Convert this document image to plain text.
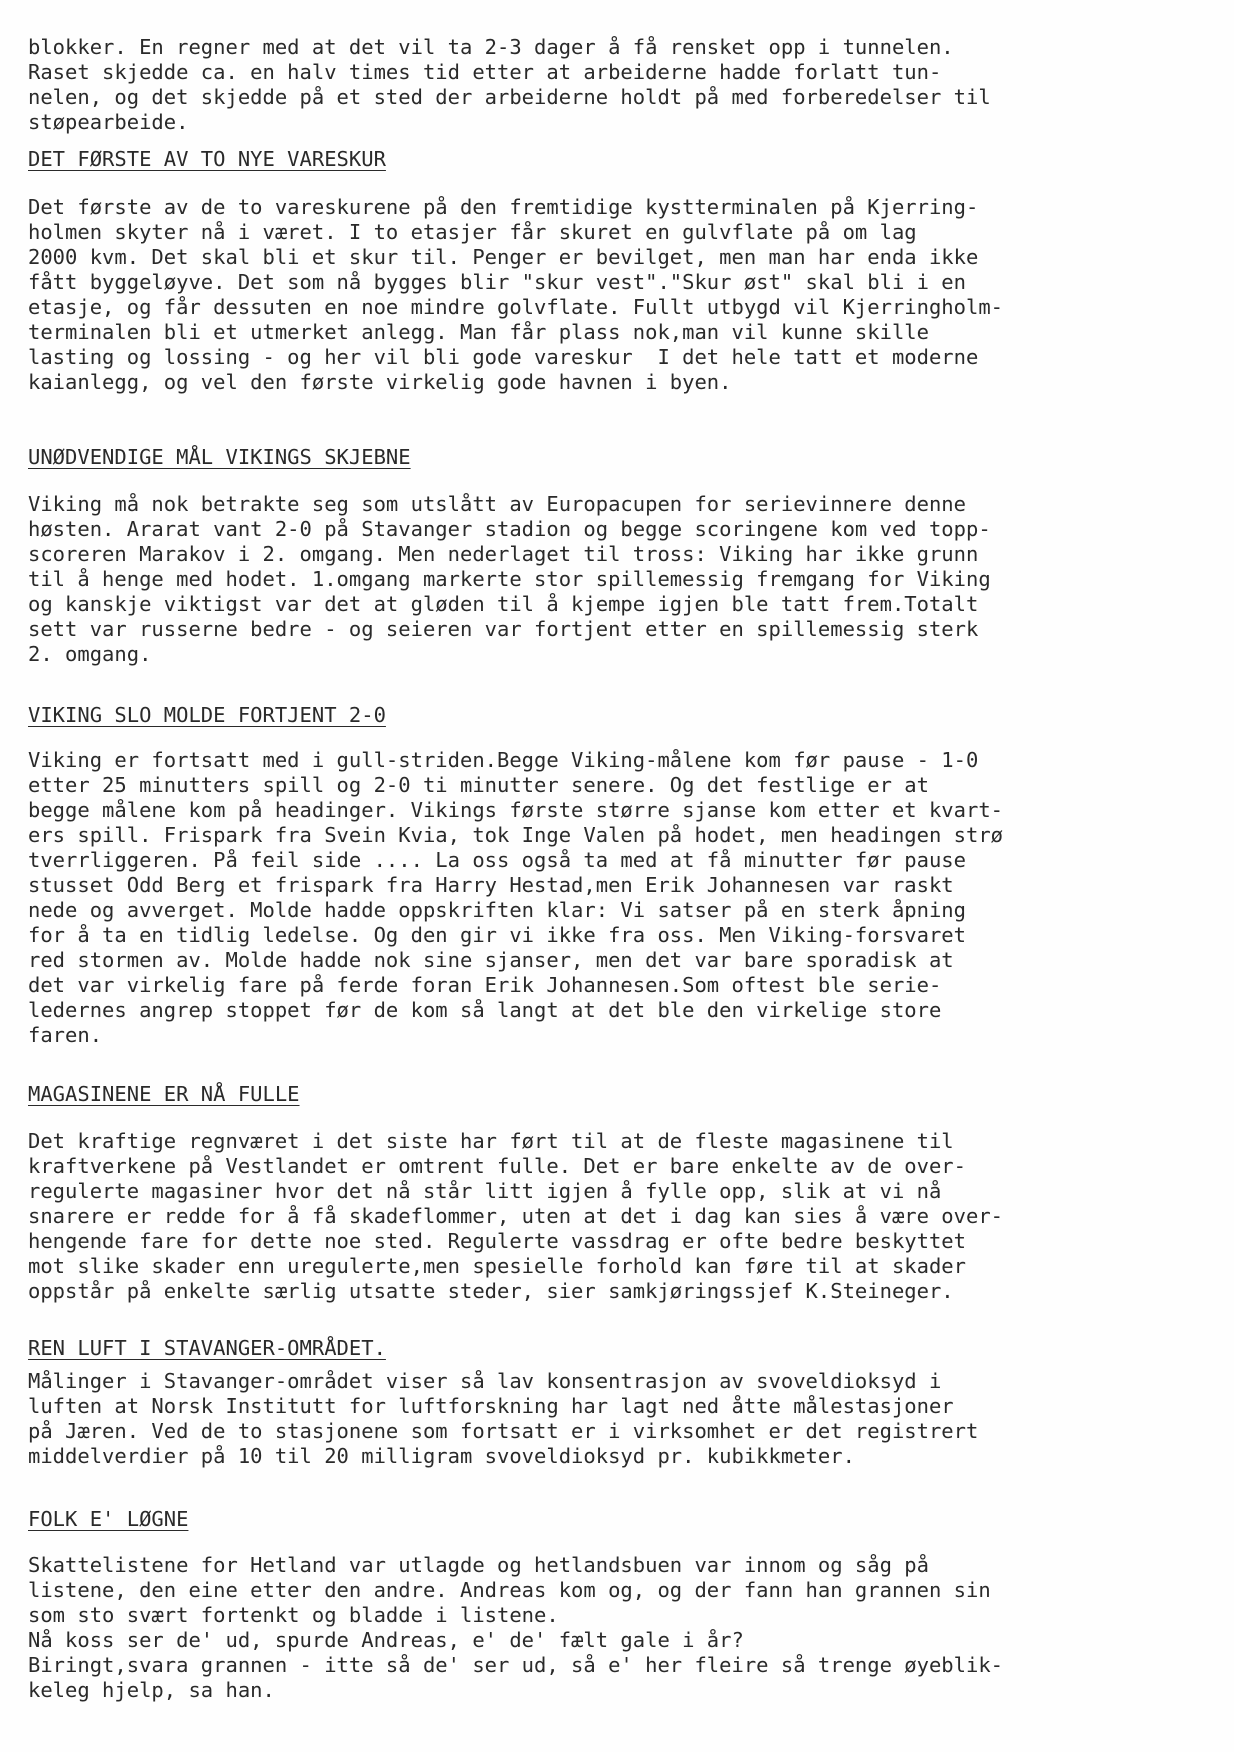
blokker. En regner med at det vil ta 2-3 dager å få rensket opp i tunnelen.
Raset skjedde ca. en halv times tid etter at arbeiderne hadde forlatt tun-
nelen, og det skjedde på et sted der arbeiderne holdt på med forberedelser til
støpearbeide.
DET FØRSTE AV TO NYE VARESKUR
Det første av de to vareskurene på den fremtidige kystterminalen på Kjerring-
holmen skyter nå i været. I to etasjer får skuret en gulvflate på om lag
2000 kvm. Det skal bli et skur til. Penger er bevilget, men man har enda ikke
fått byggeløyve. Det som nå bygges blir "skur vest"."Skur øst" skal bli i en
etasje, og får dessuten en noe mindre golvflate. Fullt utbygd vil Kjerringholm-
terminalen bli et utmerket anlegg. Man får plass nok,man vil kunne skille
lasting og lossing - og her vil bli gode vareskur  I det hele tatt et moderne
kaianlegg, og vel den første virkelig gode havnen i byen.
UNØDVENDIGE MÅL VIKINGS SKJEBNE
Viking må nok betrakte seg som utslått av Europacupen for serievinnere denne
høsten. Ararat vant 2-0 på Stavanger stadion og begge scoringene kom ved topp-
scoreren Marakov i 2. omgang. Men nederlaget til tross: Viking har ikke grunn
til å henge med hodet. 1.omgang markerte stor spillemessig fremgang for Viking
og kanskje viktigst var det at gløden til å kjempe igjen ble tatt frem.Totalt
sett var russerne bedre - og seieren var fortjent etter en spillemessig sterk
2. omgang.
VIKING SLO MOLDE FORTJENT 2-0
Viking er fortsatt med i gull-striden.Begge Viking-målene kom før pause - 1-0
etter 25 minutters spill og 2-0 ti minutter senere. Og det festlige er at
begge målene kom på headinger. Vikings første større sjanse kom etter et kvart-
ers spill. Frispark fra Svein Kvia, tok Inge Valen på hodet, men headingen strø
tverrliggeren. På feil side .... La oss også ta med at få minutter før pause
stusset Odd Berg et frispark fra Harry Hestad,men Erik Johannesen var raskt
nede og avverget. Molde hadde oppskriften klar: Vi satser på en sterk åpning
for å ta en tidlig ledelse. Og den gir vi ikke fra oss. Men Viking-forsvaret
red stormen av. Molde hadde nok sine sjanser, men det var bare sporadisk at
det var virkelig fare på ferde foran Erik Johannesen.Som oftest ble serie-
ledernes angrep stoppet før de kom så langt at det ble den virkelige store
faren.
MAGASINENE ER NÅ FULLE
Det kraftige regnværet i det siste har ført til at de fleste magasinene til
kraftverkene på Vestlandet er omtrent fulle. Det er bare enkelte av de over-
regulerte magasiner hvor det nå står litt igjen å fylle opp, slik at vi nå
snarere er redde for å få skadeflommer, uten at det i dag kan sies å være over-
hengende fare for dette noe sted. Regulerte vassdrag er ofte bedre beskyttet
mot slike skader enn uregulerte,men spesielle forhold kan føre til at skader
oppstår på enkelte særlig utsatte steder, sier samkjøringssjef K.Steineger.
REN LUFT I STAVANGER-OMRÅDET.
Målinger i Stavanger-området viser så lav konsentrasjon av svoveldioksyd i
luften at Norsk Institutt for luftforskning har lagt ned åtte målestasjoner
på Jæren. Ved de to stasjonene som fortsatt er i virksomhet er det registrert
middelverdier på 10 til 20 milligram svoveldioksyd pr. kubikkmeter.
FOLK E' LØGNE
Skattelistene for Hetland var utlagde og hetlandsbuen var innom og såg på
listene, den eine etter den andre. Andreas kom og, og der fann han grannen sin
som sto svært fortenkt og bladde i listene.
Nå koss ser de' ud, spurde Andreas, e' de' fælt gale i år?
Biringt,svara grannen - itte så de' ser ud, så e' her fleire så trenge øyeblik-
keleg hjelp, sa han.
